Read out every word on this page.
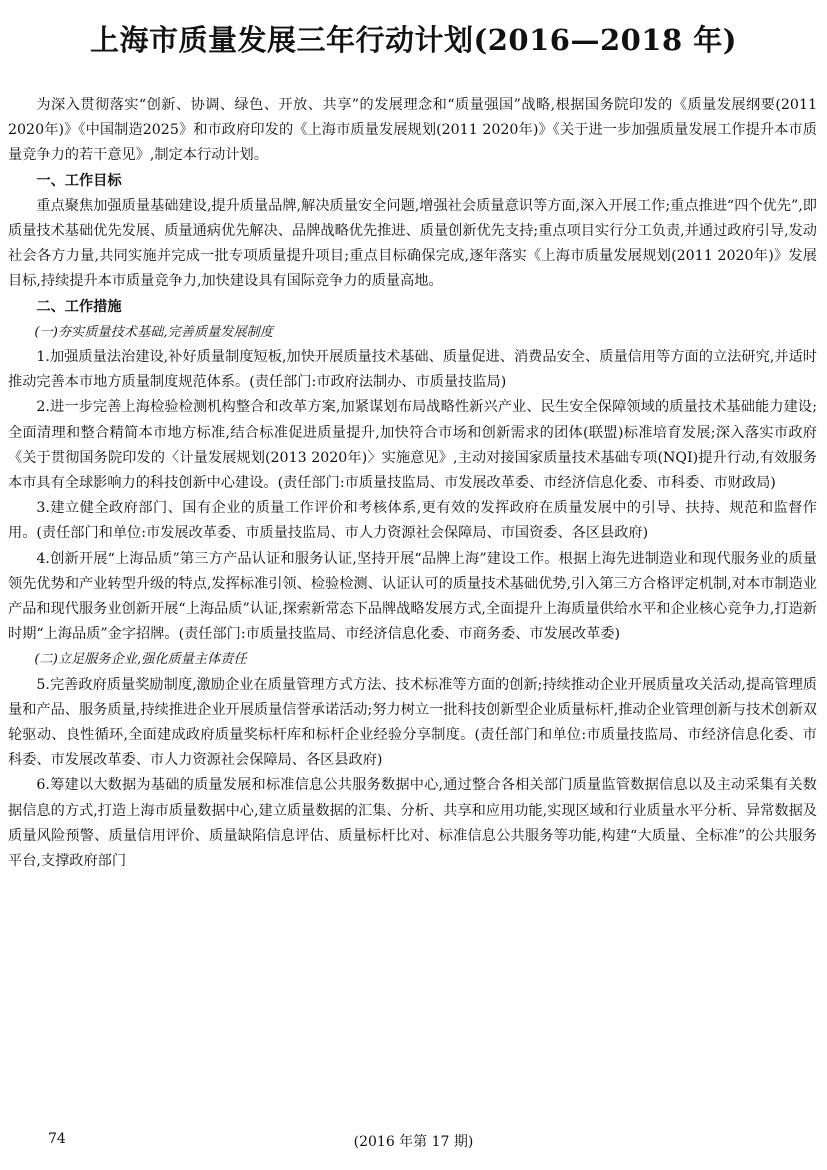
上海市质量发展三年行动计划(2016—2018 年)

为深入贯彻落实“创新、协调、绿色、开放、共享”的发展理念和“质量强国”战略,根据国务院印发的《质量发展纲要(2011 2020年)》《中国制造2025》和市政府印发的《上海市质量发展规划(2011 2020年)》《关于进一步加强质量发展工作提升本市质量竞争力的若干意见》,制定本行动计划。

一、工作目标

重点聚焦加强质量基础建设,提升质量品牌,解决质量安全问题,增强社会质量意识等方面,深入开展工作;重点推进“四个优先”,即质量技术基础优先发展、质量通病优先解决、品牌战略优先推进、质量创新优先支持;重点项目实行分工负责,并通过政府引导,发动社会各方力量,共同实施并完成一批专项质量提升项目;重点目标确保完成,逐年落实《上海市质量发展规划(2011 2020年)》发展目标,持续提升本市质量竞争力,加快建设具有国际竞争力的质量高地。

二、工作措施

(一)夯实质量技术基础,完善质量发展制度

1.加强质量法治建设,补好质量制度短板,加快开展质量技术基础、质量促进、消费品安全、质量信用等方面的立法研究,并适时推动完善本市地方质量制度规范体系。(责任部门:市政府法制办、市质量技监局)

2.进一步完善上海检验检测机构整合和改革方案,加紧谋划布局战略性新兴产业、民生安全保障领域的质量技术基础能力建设;全面清理和整合精简本市地方标准,结合标准促进质量提升,加快符合市场和创新需求的团体(联盟)标准培育发展;深入落实市政府《关于贯彻国务院印发的〈计量发展规划(2013 2020年)〉实施意见》,主动对接国家质量技术基础专项(NQI)提升行动,有效服务本市具有全球影响力的科技创新中心建设。(责任部门:市质量技监局、市发展改革委、市经济信息化委、市科委、市财政局)

3.建立健全政府部门、国有企业的质量工作评价和考核体系,更有效的发挥政府在质量发展中的引导、扶持、规范和监督作用。(责任部门和单位:市发展改革委、市质量技监局、市人力资源社会保障局、市国资委、各区县政府)

4.创新开展“上海品质”第三方产品认证和服务认证,坚持开展“品牌上海”建设工作。根据上海先进制造业和现代服务业的质量领先优势和产业转型升级的特点,发挥标准引领、检验检测、认证认可的质量技术基础优势,引入第三方合格评定机制,对本市制造业产品和现代服务业创新开展“上海品质”认证,探索新常态下品牌战略发展方式,全面提升上海质量供给水平和企业核心竞争力,打造新时期“上海品质”金字招牌。(责任部门:市质量技监局、市经济信息化委、市商务委、市发展改革委)

(二)立足服务企业,强化质量主体责任

5.完善政府质量奖励制度,激励企业在质量管理方式方法、技术标准等方面的创新;持续推动企业开展质量攻关活动,提高管理质量和产品、服务质量,持续推进企业开展质量信誉承诺活动;努力树立一批科技创新型企业质量标杆,推动企业管理创新与技术创新双轮驱动、良性循环,全面建成政府质量奖标杆库和标杆企业经验分享制度。(责任部门和单位:市质量技监局、市经济信息化委、市科委、市发展改革委、市人力资源社会保障局、各区县政府)

6.筹建以大数据为基础的质量发展和标准信息公共服务数据中心,通过整合各相关部门质量监管数据信息以及主动采集有关数据信息的方式,打造上海市质量数据中心,建立质量数据的汇集、分析、共享和应用功能,实现区域和行业质量水平分析、异常数据及质量风险预警、质量信用评价、质量缺陷信息评估、质量标杆比对、标准信息公共服务等功能,构建“大质量、全标准”的公共服务平台,支撑政府部门

74	(2016 年第 17 期)
